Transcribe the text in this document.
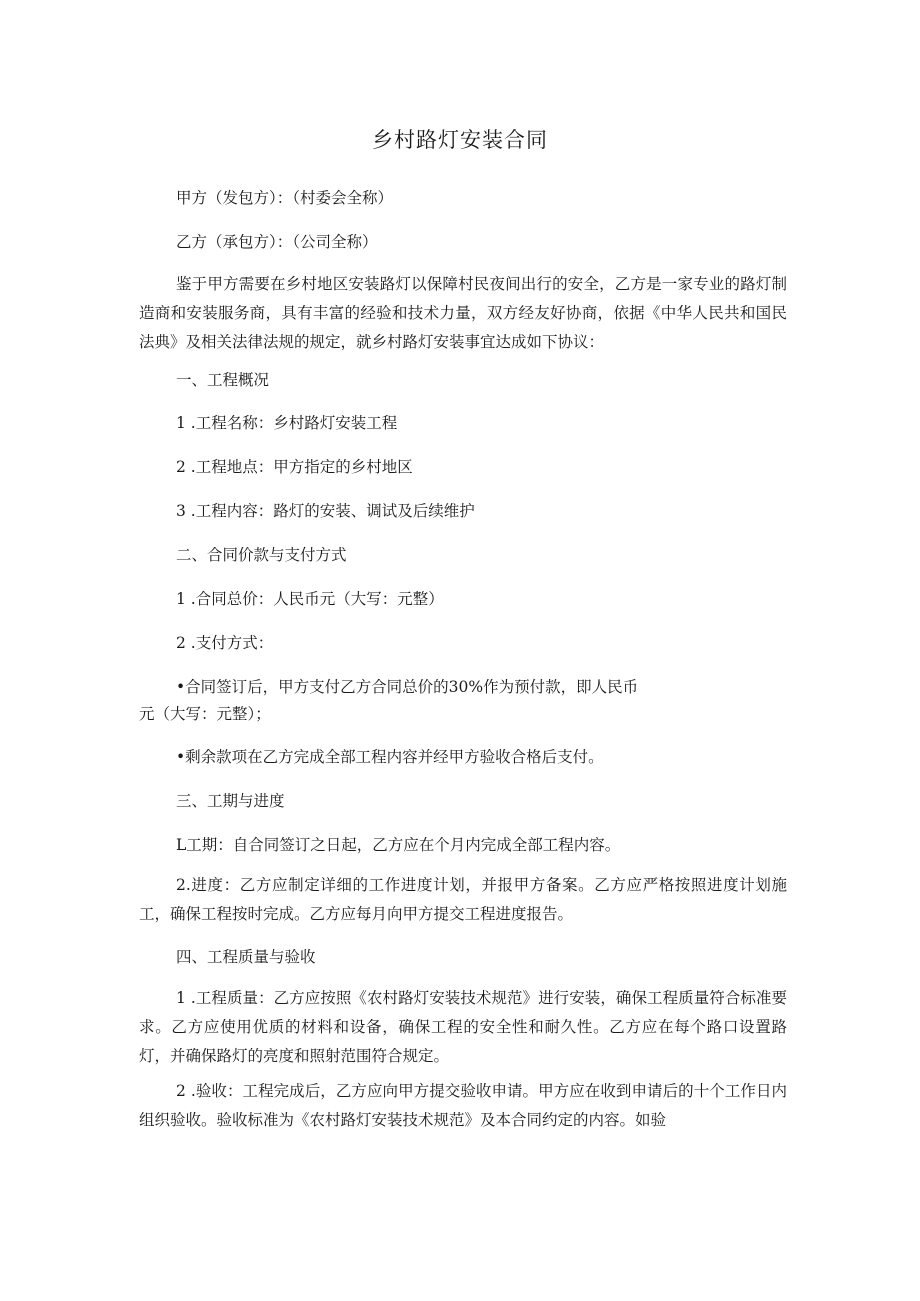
乡村路灯安装合同
甲方（发包方）：（村委会全称）
乙方（承包方）：（公司全称）
鉴于甲方需要在乡村地区安装路灯以保障村民夜间出行的安全，乙方是一家专业的路灯制造商和安装服务商，具有丰富的经验和技术力量，双方经友好协商，依据《中华人民共和国民法典》及相关法律法规的规定，就乡村路灯安装事宜达成如下协议：
一、工程概况
1 .工程名称：乡村路灯安装工程
2 .工程地点：甲方指定的乡村地区
3 .工程内容：路灯的安装、调试及后续维护
二、合同价款与支付方式
1 .合同总价：人民币元（大写：元整）
2 .支付方式：
•合同签订后，甲方支付乙方合同总价的30%作为预付款，即人民币
元（大写：元整）；
•剩余款项在乙方完成全部工程内容并经甲方验收合格后支付。
三、工期与进度
L工期：自合同签订之日起，乙方应在个月内完成全部工程内容。
2.进度：乙方应制定详细的工作进度计划，并报甲方备案。乙方应严格按照进度计划施工，确保工程按时完成。乙方应每月向甲方提交工程进度报告。
四、工程质量与验收
1 .工程质量：乙方应按照《农村路灯安装技术规范》进行安装，确保工程质量符合标准要求。乙方应使用优质的材料和设备，确保工程的安全性和耐久性。乙方应在每个路口设置路灯，并确保路灯的亮度和照射范围符合规定。
2 .验收：工程完成后，乙方应向甲方提交验收申请。甲方应在收到申请后的十个工作日内组织验收。验收标准为《农村路灯安装技术规范》及本合同约定的内容。如验
